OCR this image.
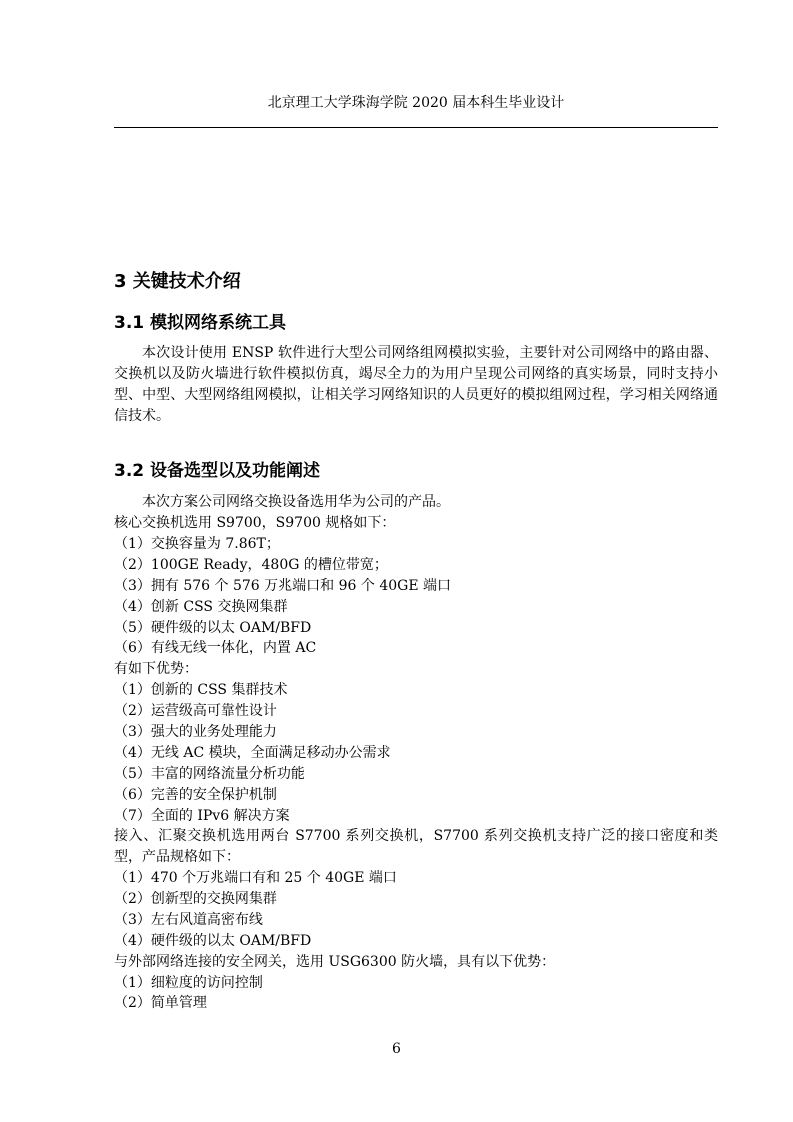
北京理工大学珠海学院 2020 届本科生毕业设计
3 关键技术介绍
3.1 模拟网络系统工具
本次设计使用 ENSP 软件进行大型公司网络组网模拟实验，主要针对公司网络中的路由器、交换机以及防火墙进行软件模拟仿真，竭尽全力的为用户呈现公司网络的真实场景，同时支持小型、中型、大型网络组网模拟，让相关学习网络知识的人员更好的模拟组网过程，学习相关网络通信技术。
3.2 设备选型以及功能阐述
本次方案公司网络交换设备选用华为公司的产品。
核心交换机选用 S9700，S9700 规格如下：
（1）交换容量为 7.86T；
（2）100GE Ready，480G 的槽位带宽；
（3）拥有 576 个 576 万兆端口和 96 个 40GE 端口
（4）创新 CSS 交换网集群
（5）硬件级的以太 OAM/BFD
（6）有线无线一体化，内置 AC
有如下优势：
（1）创新的 CSS 集群技术
（2）运营级高可靠性设计
（3）强大的业务处理能力
（4）无线 AC 模块，全面满足移动办公需求
（5）丰富的网络流量分析功能
（6）完善的安全保护机制
（7）全面的 IPv6 解决方案
接入、汇聚交换机选用两台 S7700 系列交换机，S7700 系列交换机支持广泛的接口密度和类型，产品规格如下：
（1）470 个万兆端口有和 25 个 40GE 端口
（2）创新型的交换网集群
（3）左右风道高密布线
（4）硬件级的以太 OAM/BFD
与外部网络连接的安全网关，选用 USG6300 防火墙，具有以下优势：
（1）细粒度的访问控制
（2）简单管理
6
